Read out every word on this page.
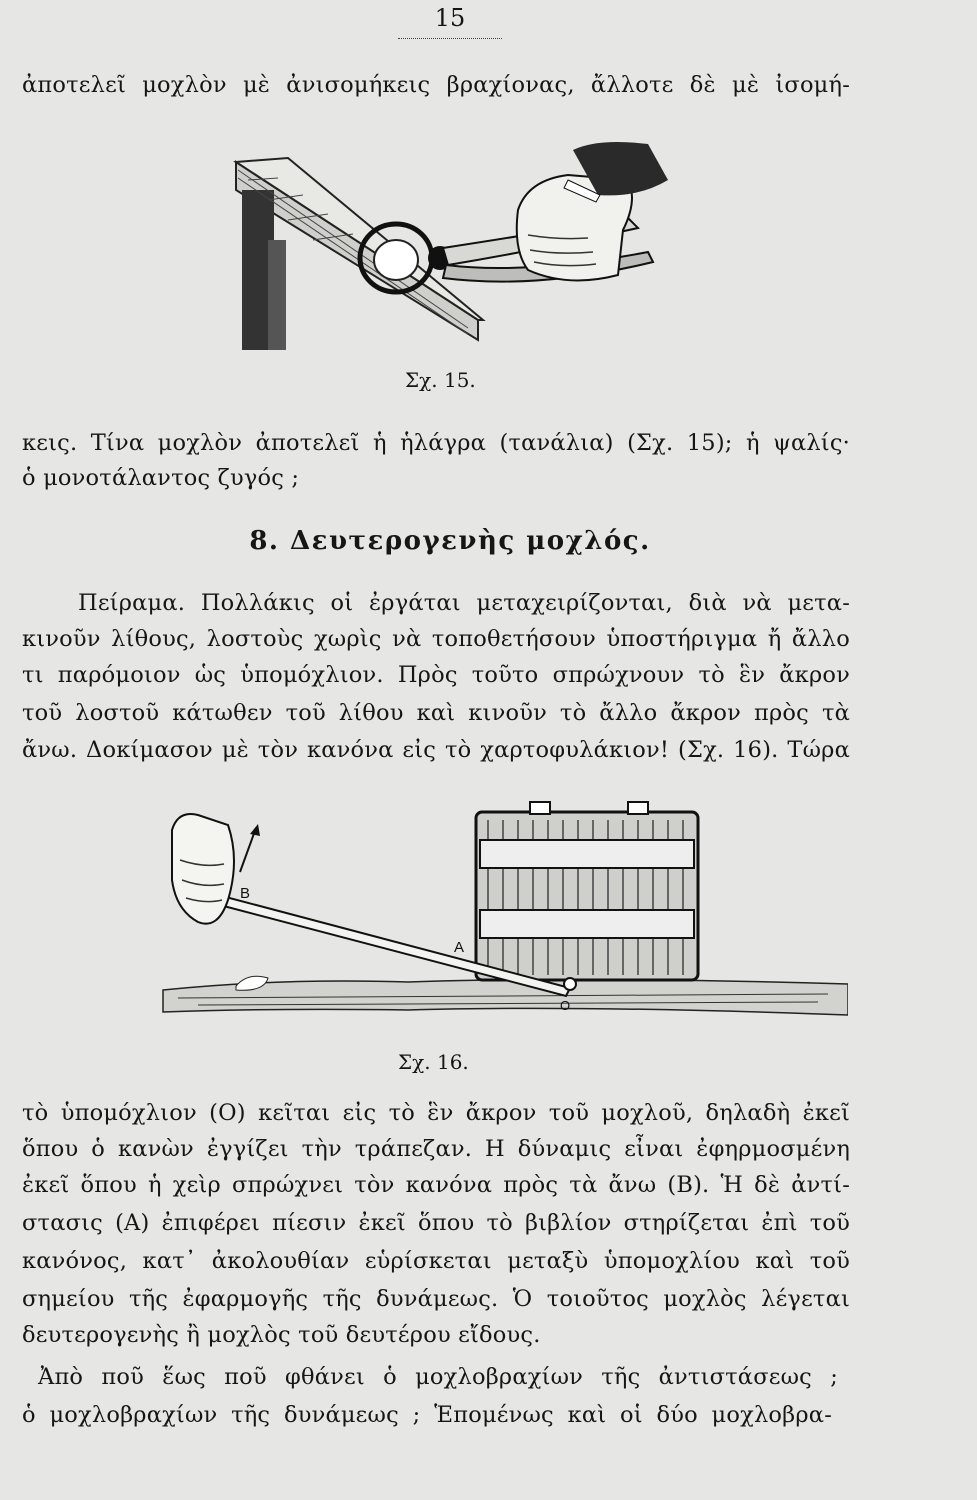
15
ἀποτελεῖ μοχλὸν μὲ ἀνισομήκεις βραχίονας, ἄλλοτε δὲ μὲ ἰσομή-
Σχ. 15.
κεις. Τίνα μοχλὸν ἀποτελεῖ ἡ ἡλάγρα (τανάλια) (Σχ. 15); ἡ ψαλίς·
ὁ μονοτάλαντος ζυγός ;
8. Δευτερογενὴς μοχλός.
Πείραμα. Πολλάκις οἱ ἐργάται μεταχειρίζονται, διὰ νὰ μετα-
κινοῦν λίθους, λοστοὺς χωρὶς νὰ τοποθετήσουν ὑποστήριγμα ἤ ἄλλο
τι παρόμοιον ὡς ὑπομόχλιον. Πρὸς τοῦτο σπρώχνουν τὸ ἓν ἄκρον
τοῦ λοστοῦ κάτωθεν τοῦ λίθου καὶ κινοῦν τὸ ἄλλο ἄκρον πρὸς τὰ
ἄνω. Δοκίμασον μὲ τὸν κανόνα εἰς τὸ χαρτοφυλάκιον! (Σχ. 16). Τώρα
B
A
O
Σχ. 16.
τὸ ὑπομόχλιον (Ο) κεῖται εἰς τὸ ἓν ἄκρον τοῦ μοχλοῦ, δηλαδὴ ἐκεῖ
ὅπου ὁ κανὼν ἐγγίζει τὴν τράπεζαν. Η δύναμις εἶναι ἐφηρμοσμένη
ἐκεῖ ὅπου ἡ χεὶρ σπρώχνει τὸν κανόνα πρὸς τὰ ἄνω (Β). Ἡ δὲ ἀντί-
στασις (Α) ἐπιφέρει πίεσιν ἐκεῖ ὅπου τὸ βιβλίον στηρίζεται ἐπὶ τοῦ
κανόνος, κατ᾽ ἀκολουθίαν εὑρίσκεται μεταξὺ ὑπομοχλίου καὶ τοῦ
σημείου τῆς ἐφαρμογῆς τῆς δυνάμεως. Ὁ τοιοῦτος μοχλὸς λέγεται
δευτερογενὴς ἢ μοχλὸς τοῦ δευτέρου εἴδους.
Ἀπὸ ποῦ ἕως ποῦ φθάνει ὁ μοχλοβραχίων τῆς ἀντιστάσεως ;
ὁ μοχλοβραχίων τῆς δυνάμεως ; Ἑπομένως καὶ οἱ δύο μοχλοβρα-
